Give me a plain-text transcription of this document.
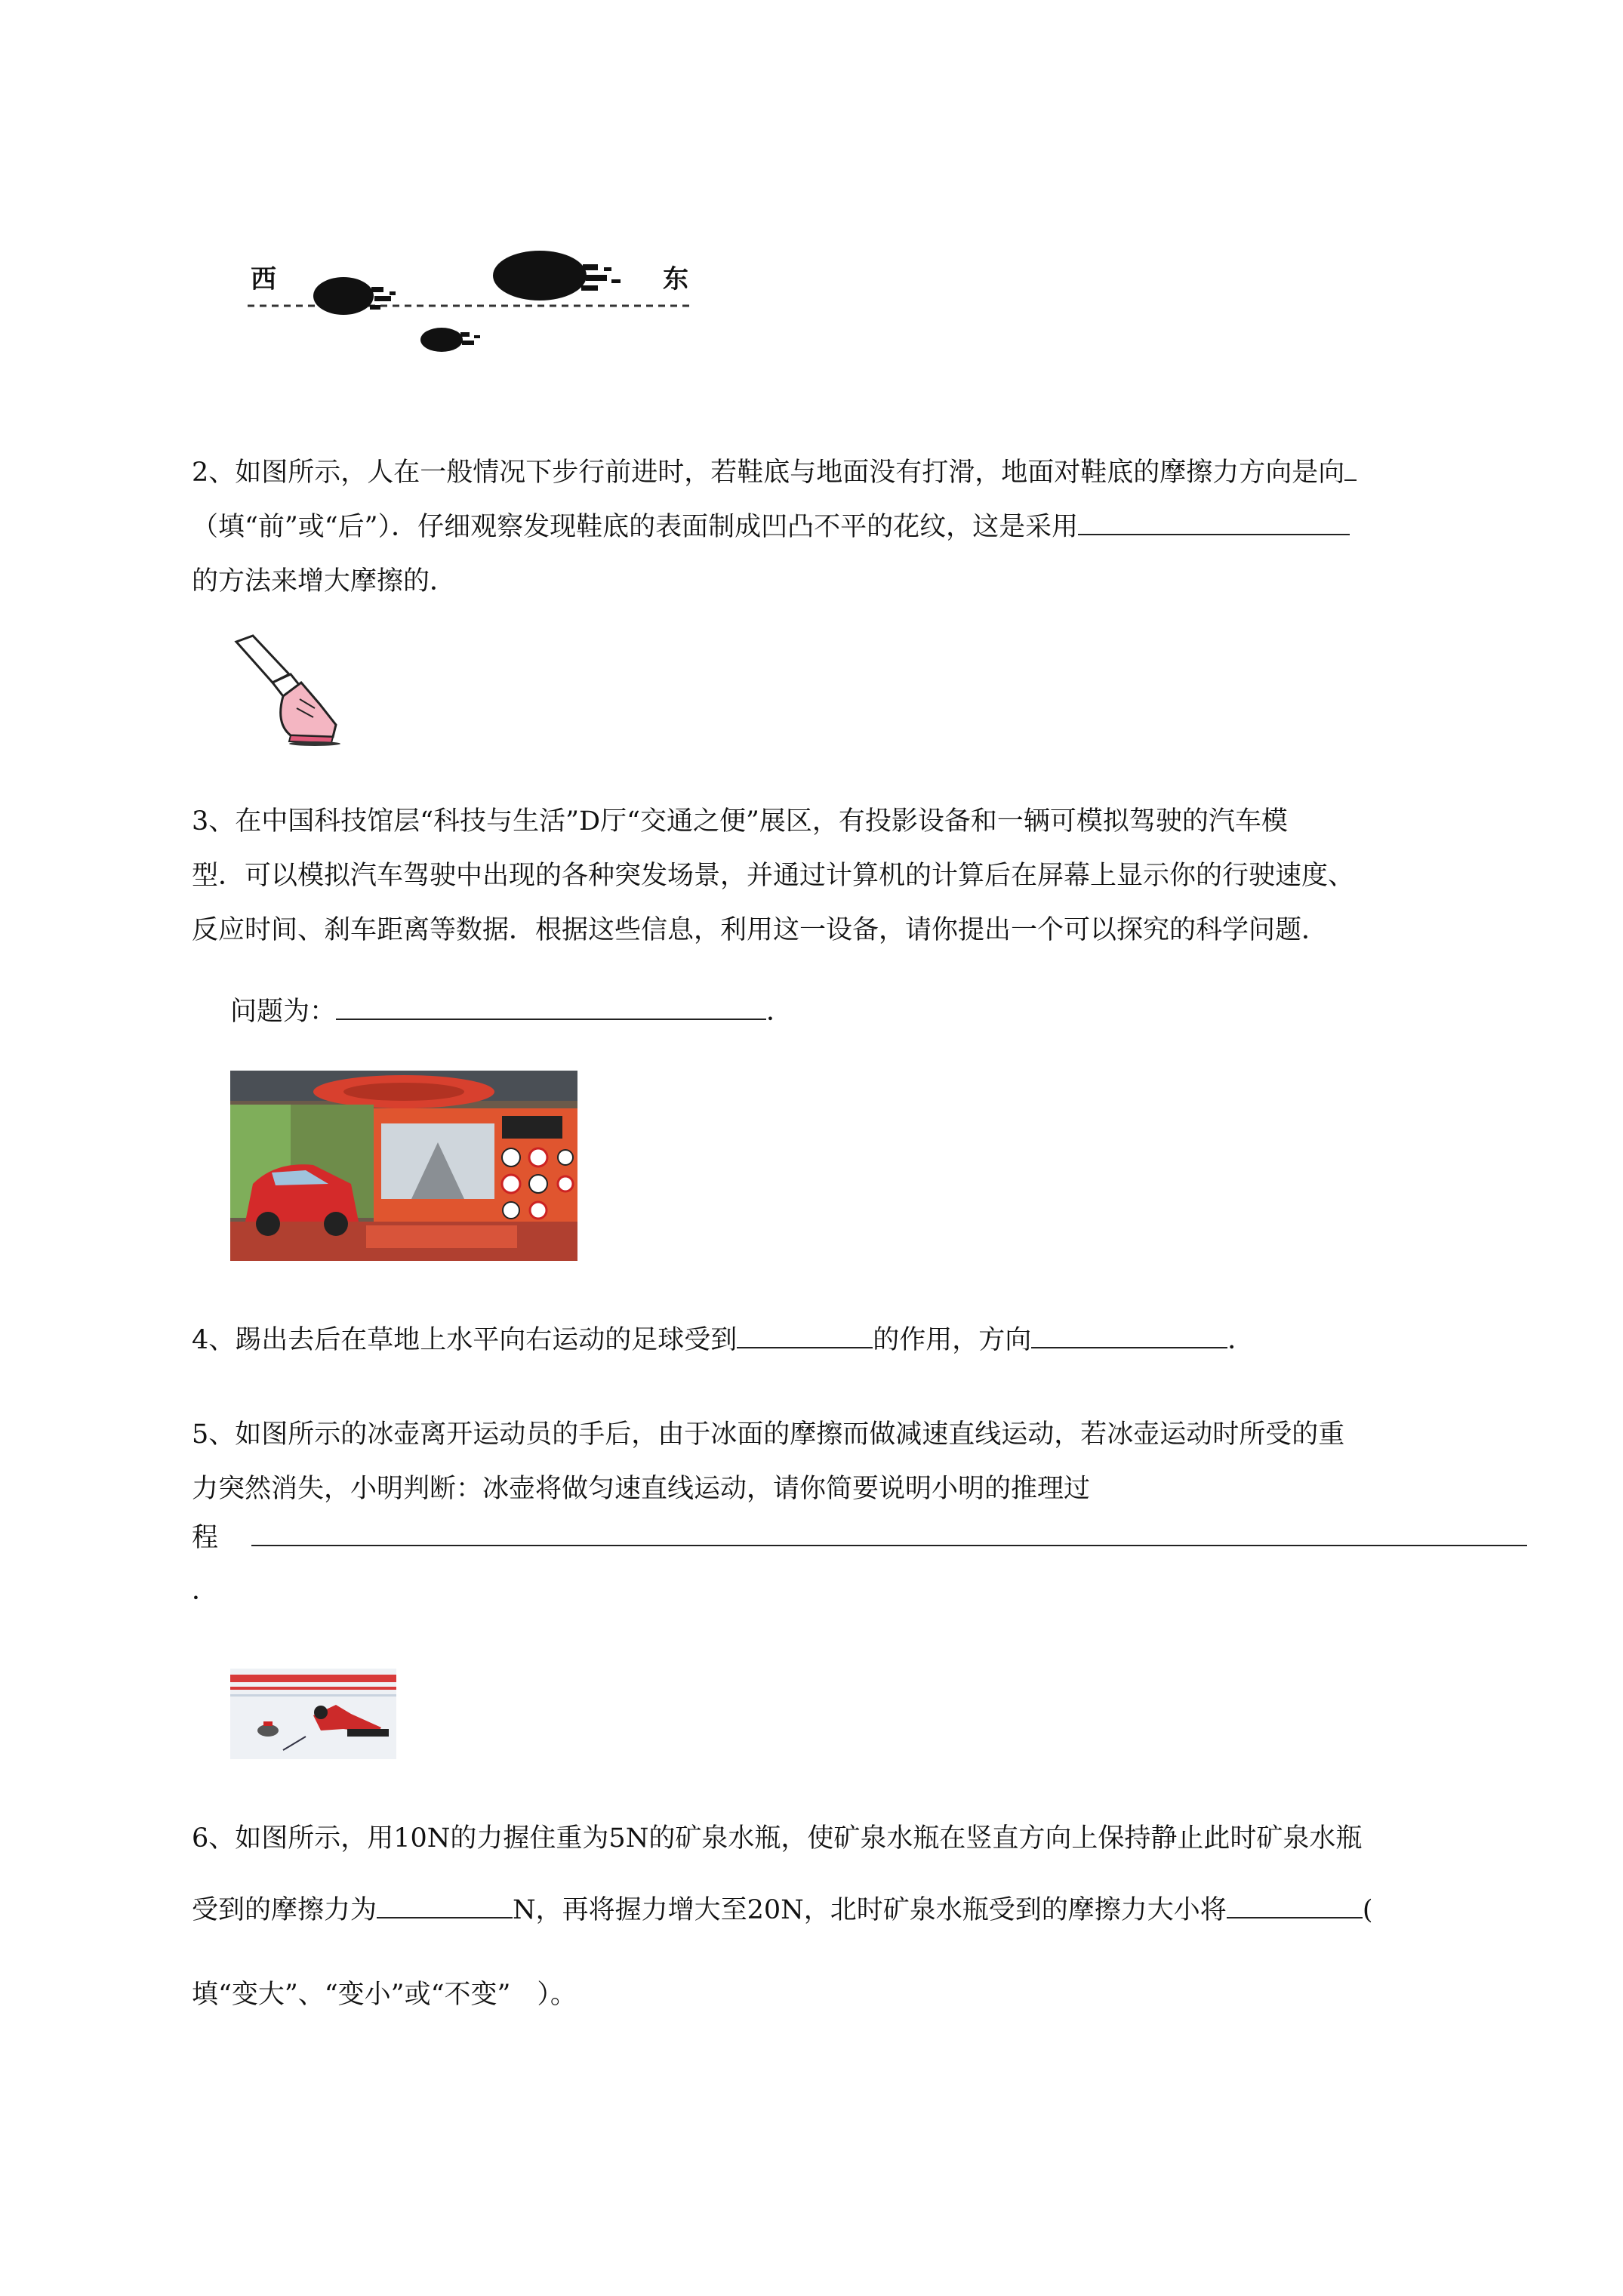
西	东
2、如图所示，人在一般情况下步行前进时，若鞋底与地面没有打滑，地面对鞋底的摩擦力方向是向（填“前”或“后”）．仔细观察发现鞋底的表面制成凹凸不平的花纹，这是采用
的方法来增大摩擦的．
3、在中国科技馆层“科技与生活”D厅“交通之便”展区，有投影设备和一辆可模拟驾驶的汽车模
型．可以模拟汽车驾驶中出现的各种突发场景，并通过计算机的计算后在屏幕上显示你的行驶速度、
反应时间、刹车距离等数据．根据这些信息，利用这一设备，请你提出一个可以探究的科学问题．
问题为：	．
4、踢出去后在草地上水平向右运动的足球受到	的作用，方向	．
5、如图所示的冰壶离开运动员的手后，由于冰面的摩擦而做减速直线运动，若冰壶运动时所受的重
力突然消失，小明判断：冰壶将做匀速直线运动，请你简要说明小明的推理过
程
．
6、如图所示，用10N的力握住重为5N的矿泉水瓶，使矿泉水瓶在竖直方向上保持静止此时矿泉水瓶
受到的摩擦力为	N，再将握力增大至20N，北时矿泉水瓶受到的摩擦力大小将	(
填“变大”、“变小”或“不变”　）。
